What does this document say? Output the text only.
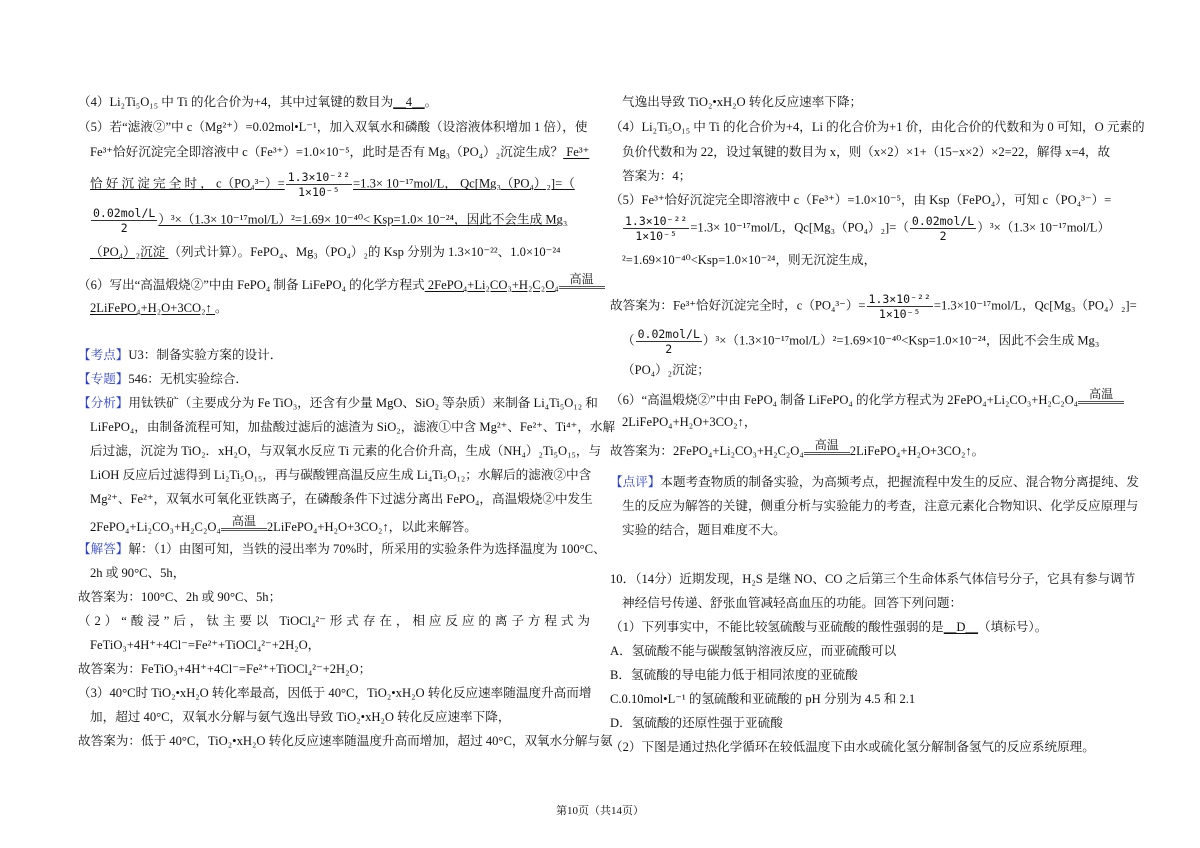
（4）Li₂Ti₅O₁₅ 中 Ti 的化合价为+4，其中过氧键的数目为__4__。
（5）若“滤液②”中 c（Mg²⁺）=0.02mol•L⁻¹，加入双氧水和磷酸（设溶液体积增加 1 倍），使
Fe³⁺恰好沉淀完全即溶液中 c（Fe³⁺）=1.0×10⁻⁵，此时是否有 Mg₃（PO₄）₂沉淀生成？ Fe³⁺
恰 好 沉 淀 完 全 时 ， $c(PO_4^{3-})= \frac{\text{1.3×10⁻²²}}{\text{1×10⁻⁵}} =1.3\times 10^{-17}mol/L$， Qc[Mg₃（PO₄）₂]=（
$\frac{\text{0.02mol/L}}{2} )^3\times(1.3\times 10^{-17}mol/L)^2=1.69\times 10^{-40}< Ksp=1.0\times 10^{-24}$，因此不会生成 Mg₃
（PO₄）₂沉淀 （列式计算）。FePO₄、Mg₃（PO₄）₂的 Ksp 分别为 1.3×10⁻²²、1.0×10⁻²⁴
（6）写出“高温煅烧②”中由 FePO₄ 制备 LiFePO₄ 的化学方程式 2FePO₄+Li₂CO₃+H₂C₂O₄ 高温
2LiFePO₄+H₂O+3CO₂↑ 。
【考点】U3：制备实验方案的设计．
【专题】546：无机实验综合．
【分析】用钛铁矿（主要成分为 Fe TiO₃，还含有少量 MgO、SiO₂ 等杂质）来制备 Li₄Ti₅O₁₂ 和
LiFePO₄，由制备流程可知，加盐酸过滤后的滤渣为 SiO₂，滤液①中含 Mg²⁺、Fe²⁺、Ti⁴⁺，水解
后过滤，沉淀为 TiO₂．xH₂O，与双氧水反应 Ti 元素的化合价升高，生成（NH₄）₂Ti₅O₁₅，与
LiOH 反应后过滤得到 Li₂Ti₅O₁₅，再与碳酸锂高温反应生成 Li₄Ti₅O₁₂；水解后的滤液②中含
Mg²⁺、Fe²⁺，双氧水可氧化亚铁离子，在磷酸条件下过滤分离出 FePO₄，高温煅烧②中发生
2FePO₄+Li₂CO₃+H₂C₂O₄ 高温 2LiFePO₄+H₂O+3CO₂↑，以此来解答。
【解答】解：（1）由图可知，当铁的浸出率为 70%时，所采用的实验条件为选择温度为 100°C、
2h 或 90°C、5h，
故答案为：100°C、2h 或 90°C、5h；
（2）“酸浸”后，钛主要以 TiOCl₄²⁻形式存在，相应反应的离子方程式为
FeTiO₃+4H⁺+4Cl⁻=Fe²⁺+TiOCl₄²⁻+2H₂O，
故答案为：FeTiO₃+4H⁺+4Cl⁻=Fe²⁺+TiOCl₄²⁻+2H₂O；
（3）40°C时 TiO₂•xH₂O 转化率最高，因低于 40°C，TiO₂•xH₂O 转化反应速率随温度升高而增
加，超过 40°C，双氧水分解与氨气逸出导致 TiO₂•xH₂O 转化反应速率下降，
故答案为：低于 40°C，TiO₂•xH₂O 转化反应速率随温度升高而增加，超过 40°C，双氧水分解与氨
气逸出导致 TiO₂•xH₂O 转化反应速率下降；
（4）Li₂Ti₅O₁₅ 中 Ti 的化合价为+4，Li 的化合价为+1 价，由化合价的代数和为 0 可知，O 元素的
负价代数和为 22，设过氧键的数目为 x，则（x×2）×1+（15−x×2）×2=22，解得 x=4，故
答案为：4；
（5）Fe³⁺恰好沉淀完全即溶液中 c（Fe³⁺）=1.0×10⁻⁵，由 Ksp（FePO₄），可知 c（PO₄³⁻）=
$\frac{\text{1.3×10⁻²²}}{\text{1×10⁻⁵}} =1.3\times 10^{-17}mol/L$，$Qc[Mg_3(PO_4)_2]=( \frac{\text{0.02mol/L}}{2} )^3\times(1.3\times 10^{-17}mol/L)$
²=1.69×10⁻⁴⁰<Ksp=1.0×10⁻²⁴，则无沉淀生成，
故答案为：Fe³⁺恰好沉淀完全时，$c(PO_4^{3-})= \frac{\text{1.3×10⁻²²}}{\text{1×10⁻⁵}} =1.3\times 10^{-17}mol/L$，Qc[Mg₃（PO₄）₂]=
（ $\frac{\text{0.02mol/L}}{2} )^3\times(1.3\times 10^{-17}mol/L)^2=1.69\times 10^{-40}<Ksp=1.0\times 10^{-24}$，因此不会生成 Mg₃
（PO₄）₂沉淀；
（6）“高温煅烧②”中由 FePO₄ 制备 LiFePO₄ 的化学方程式为 2FePO₄+Li₂CO₃+H₂C₂O₄ 高温
2LiFePO₄+H₂O+3CO₂↑，
故答案为：2FePO₄+Li₂CO₃+H₂C₂O₄ 高温 2LiFePO₄+H₂O+3CO₂↑。
【点评】本题考查物质的制备实验，为高频考点，把握流程中发生的反应、混合物分离提纯、发
生的反应为解答的关键，侧重分析与实验能力的考查，注意元素化合物知识、化学反应原理与
实验的结合，题目难度不大。
10．（14分）近期发现，H₂S 是继 NO、CO 之后第三个生命体系气体信号分子，它具有参与调节
神经信号传递、舒张血管减轻高血压的功能。回答下列问题：
（1）下列事实中，不能比较氢硫酸与亚硫酸的酸性强弱的是__D__（填标号）。
A．氢硫酸不能与碳酸氢钠溶液反应，而亚硫酸可以
B．氢硫酸的导电能力低于相同浓度的亚硫酸
C.0.10mol•L⁻¹ 的氢硫酸和亚硫酸的 pH 分别为 4.5 和 2.1
D．氢硫酸的还原性强于亚硫酸
（2）下图是通过热化学循环在较低温度下由水或硫化氢分解制备氢气的反应系统原理。
第10页（共14页）
